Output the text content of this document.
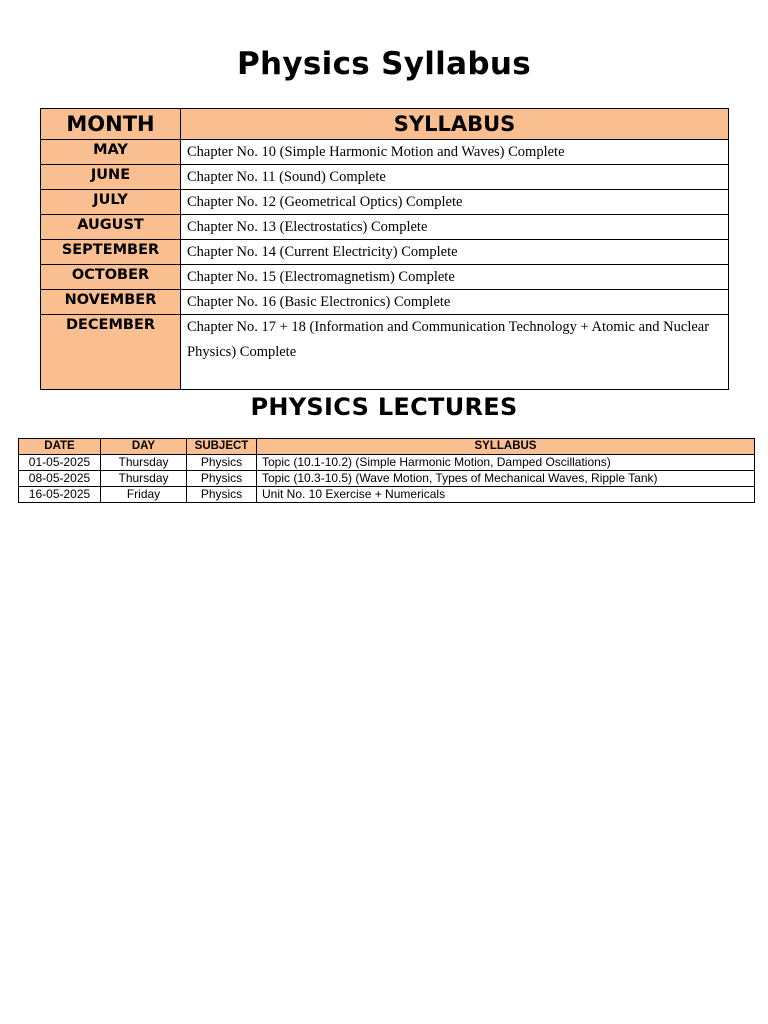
Physics Syllabus
MONTH	SYLLABUS
MAY	Chapter No. 10 (Simple Harmonic Motion and Waves) Complete
JUNE	Chapter No. 11 (Sound) Complete
JULY	Chapter No. 12 (Geometrical Optics) Complete
AUGUST	Chapter No. 13 (Electrostatics) Complete
SEPTEMBER	Chapter No. 14 (Current Electricity) Complete
OCTOBER	Chapter No. 15 (Electromagnetism) Complete
NOVEMBER	Chapter No. 16 (Basic Electronics) Complete
DECEMBER	Chapter No. 17 + 18 (Information and Communication Technology + Atomic and Nuclear Physics) Complete
PHYSICS LECTURES
DATE	DAY	SUBJECT	SYLLABUS
01-05-2025	Thursday	Physics	Topic (10.1-10.2) (Simple Harmonic Motion, Damped Oscillations)
08-05-2025	Thursday	Physics	Topic (10.3-10.5) (Wave Motion, Types of Mechanical Waves, Ripple Tank)
16-05-2025	Friday	Physics	Unit No. 10 Exercise + Numericals
